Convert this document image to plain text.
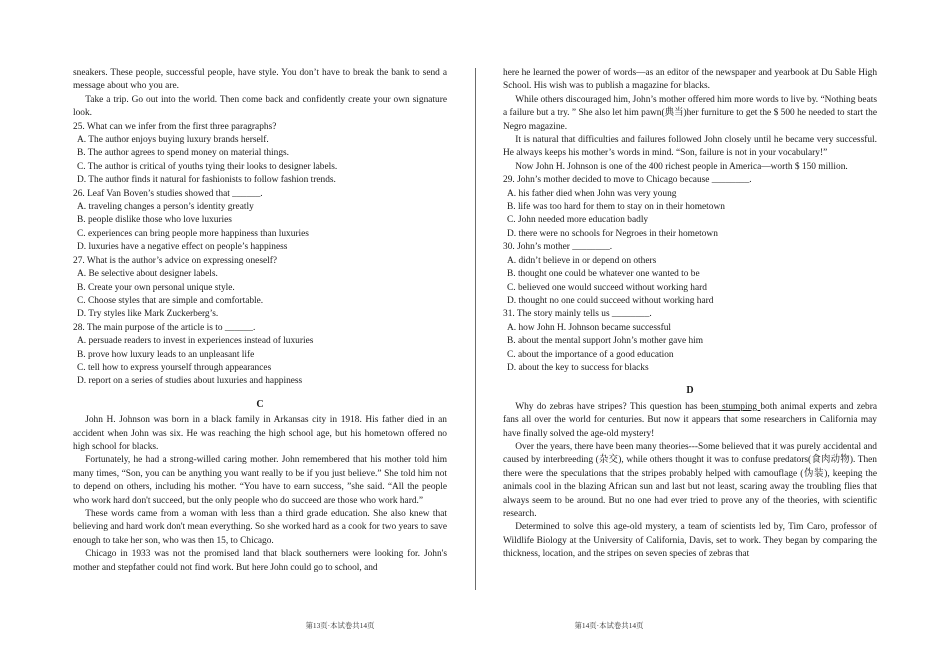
sneakers. These people, successful people, have style. You don’t have to break the bank to send a message about who you are.

Take a trip. Go out into the world. Then come back and confidently create your own signature look.

25. What can we infer from the first three paragraphs?

A. The author enjoys buying luxury brands herself.

B. The author agrees to spend money on material things.

C. The author is critical of youths tying their looks to designer labels.

D. The author finds it natural for fashionists to follow fashion trends.

26. Leaf Van Boven’s studies showed that ______.

A. traveling changes a person’s identity greatly

B. people dislike those who love luxuries

C. experiences can bring people more happiness than luxuries

D. luxuries have a negative effect on people’s happiness

27. What is the author’s advice on expressing oneself?

A. Be selective about designer labels.

B. Create your own personal unique style.

C. Choose styles that are simple and comfortable.

D. Try styles like Mark Zuckerberg’s.

28. The main purpose of the article is to ______.

A. persuade readers to invest in experiences instead of luxuries

B. prove how luxury leads to an unpleasant life

C. tell how to express yourself through appearances

D. report on a series of studies about luxuries and happiness

C

John H. Johnson was born in a black family in Arkansas city in 1918. His father died in an accident when John was six. He was reaching the high school age, but his hometown offered no high school for blacks.

Fortunately, he had a strong-willed caring mother. John remembered that his mother told him many times, “Son, you can be anything you want really to be if you just believe.” She told him not to depend on others, including his mother. “You have to earn success, ”she said. “All the people who work hard don't succeed, but the only people who do succeed are those who work hard.”

These words came from a woman with less than a third grade education. She also knew that believing and hard work don't mean everything. So she worked hard as a cook for two years to save enough to take her son, who was then 15, to Chicago.

Chicago in 1933 was not the promised land that black southerners were looking for. John's mother and stepfather could not find work. But here John could go to school, and

here he learned the power of words—as an editor of the newspaper and yearbook at Du Sable High School. His wish was to publish a magazine for blacks.

While others discouraged him, John’s mother offered him more words to live by. “Nothing beats a failure but a try. ” She also let him pawn(典当)her furniture to get the $ 500 he needed to start the Negro magazine.

It is natural that difficulties and failures followed John closely until he became very successful. He always keeps his mother’s words in mind. “Son, failure is not in your vocabulary!”

Now John H. Johnson is one of the 400 richest people in America—worth $ 150 million.

29. John’s mother decided to move to Chicago because ________.

A. his father died when John was very young

B. life was too hard for them to stay on in their hometown

C. John needed more education badly

D. there were no schools for Negroes in their hometown

30. John’s mother ________.

A. didn’t believe in or depend on others

B. thought one could be whatever one wanted to be

C. believed one would succeed without working hard

D. thought no one could succeed without working hard

31. The story mainly tells us ________.

A. how John H. Johnson became successful

B. about the mental support John’s mother gave him

C. about the importance of a good education

D. about the key to success for blacks

D

Why do zebras have stripes? This question has been stumping both animal experts and zebra fans all over the world for centuries. But now it appears that some researchers in California may have finally solved the age-old mystery!

Over the years, there have been many theories---Some believed that it was purely accidental and caused by interbreeding (杂交), while others thought it was to confuse predators(食肉动物). Then there were the speculations that the stripes probably helped with camouflage (伪装), keeping the animals cool in the blazing African sun and last but not least, scaring away the troubling flies that always seem to be around. But no one had ever tried to prove any of the theories, with scientific research.

Determined to solve this age-old mystery, a team of scientists led by, Tim Caro, professor of Wildlife Biology at the University of California, Davis, set to work. They began by comparing the thickness, location, and the stripes on seven species of zebras that

第13页·本试卷共14页	第14页·本试卷共14页
